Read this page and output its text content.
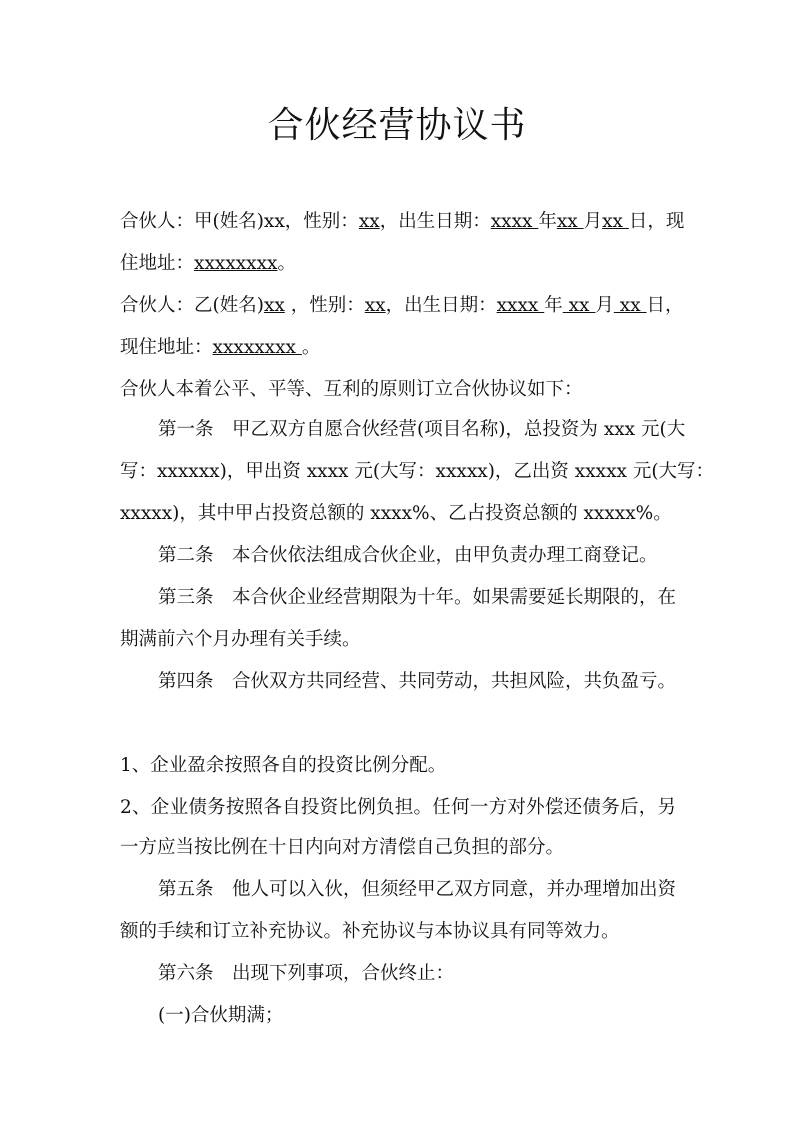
合伙经营协议书
合伙人：甲(姓名)xx，性别：xx，出生日期：xxxx 年xx 月xx 日，现
住地址：xxxxxxxx。
合伙人：乙(姓名)xx ，性别：xx，出生日期：xxxx 年 xx 月 xx 日，
现住地址：xxxxxxxx 。
合伙人本着公平、平等、互利的原则订立合伙协议如下：
第一条　甲乙双方自愿合伙经营(项目名称)，总投资为 xxx 元(大
写：xxxxxx)，甲出资 xxxx 元(大写：xxxxx)，乙出资 xxxxx 元(大写：
xxxxx)，其中甲占投资总额的 xxxx%、乙占投资总额的 xxxxx%。
第二条　本合伙依法组成合伙企业，由甲负责办理工商登记。
第三条　本合伙企业经营期限为十年。如果需要延长期限的，在
期满前六个月办理有关手续。
第四条　合伙双方共同经营、共同劳动，共担风险，共负盈亏。
1、企业盈余按照各自的投资比例分配。
2、企业债务按照各自投资比例负担。任何一方对外偿还债务后，另
一方应当按比例在十日内向对方清偿自己负担的部分。
第五条　他人可以入伙，但须经甲乙双方同意，并办理增加出资
额的手续和订立补充协议。补充协议与本协议具有同等效力。
第六条　出现下列事项，合伙终止：
(一)合伙期满；
